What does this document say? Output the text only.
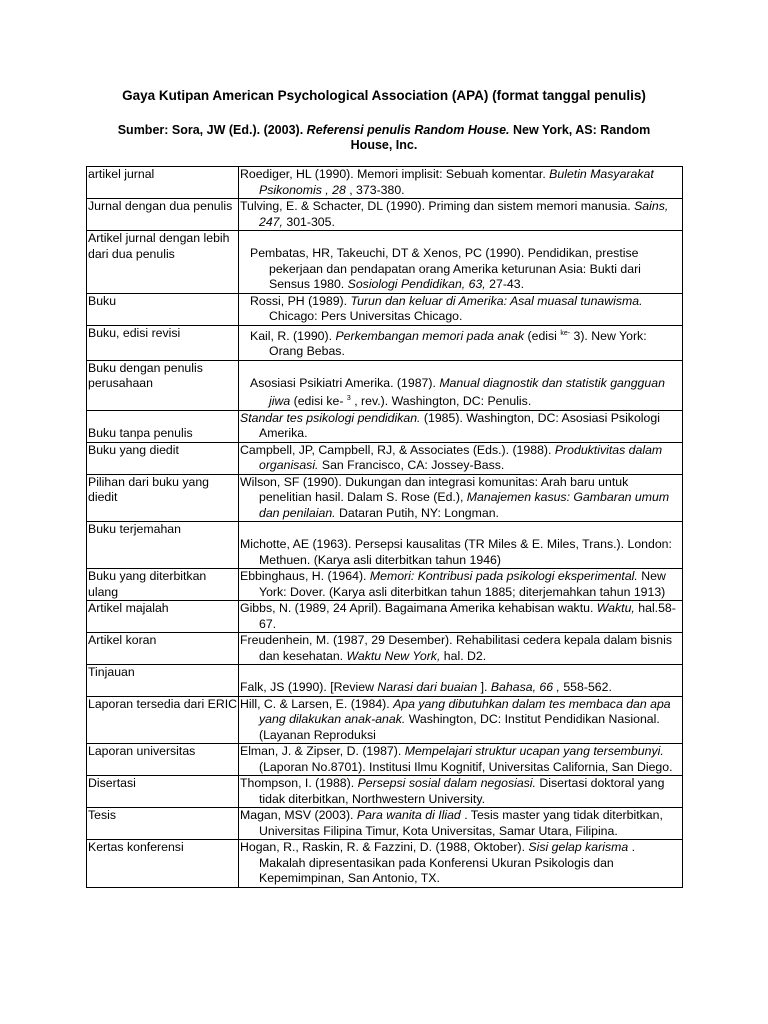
Gaya Kutipan American Psychological Association (APA) (format tanggal penulis)
Sumber: Sora, JW (Ed.). (2003). Referensi penulis Random House. New York, AS: Random House, Inc.
artikel jurnal	Roediger, HL (1990). Memori implisit: Sebuah komentar. Buletin Masyarakat Psikonomis , 28 , 373-380.

Jurnal dengan dua penulis	Tulving, E. & Schacter, DL (1990). Priming dan sistem memori manusia. Sains, 247, 301-305.

Artikel jurnal dengan lebih dari dua penulis	Pembatas, HR, Takeuchi, DT & Xenos, PC (1990). Pendidikan, prestise pekerjaan dan pendapatan orang Amerika keturunan Asia: Bukti dari Sensus 1980. Sosiologi Pendidikan, 63, 27-43.

Buku	Rossi, PH (1989). Turun dan keluar di Amerika: Asal muasal tunawisma. Chicago: Pers Universitas Chicago.

Buku, edisi revisi	Kail, R. (1990). Perkembangan memori pada anak (edisi $^{ke-}$ 3). New York: Orang Bebas.

Buku dengan penulis perusahaan	Asosiasi Psikiatri Amerika. (1987). Manual diagnostik dan statistik gangguan jiwa (edisi ke- $^3$ , rev.). Washington, DC: Penulis.

Buku tanpa penulis	Standar tes psikologi pendidikan. (1985). Washington, DC: Asosiasi Psikologi Amerika.

Buku yang diedit	Campbell, JP, Campbell, RJ, & Associates (Eds.). (1988). Produktivitas dalam organisasi. San Francisco, CA: Jossey-Bass.

Pilihan dari buku yang diedit	Wilson, SF (1990). Dukungan dan integrasi komunitas: Arah baru untuk penelitian hasil. Dalam S. Rose (Ed.), Manajemen kasus: Gambaran umum dan penilaian. Dataran Putih, NY: Longman.

Buku terjemahan	Michotte, AE (1963). Persepsi kausalitas (TR Miles & E. Miles, Trans.). London: Methuen. (Karya asli diterbitkan tahun 1946)

Buku yang diterbitkan ulang	Ebbinghaus, H. (1964). Memori: Kontribusi pada psikologi eksperimental. New York: Dover. (Karya asli diterbitkan tahun 1885; diterjemahkan tahun 1913)

Artikel majalah	Gibbs, N. (1989, 24 April). Bagaimana Amerika kehabisan waktu. Waktu, hal.58-67.

Artikel koran	Freudenhein, M. (1987, 29 Desember). Rehabilitasi cedera kepala dalam bisnis dan kesehatan. Waktu New York, hal. D2.

Tinjauan	Falk, JS (1990). [Review Narasi dari buaian ]. Bahasa, 66 , 558-562.

Laporan tersedia dari ERIC	Hill, C. & Larsen, E. (1984). Apa yang dibutuhkan dalam tes membaca dan apa yang dilakukan anak-anak. Washington, DC: Institut Pendidikan Nasional. (Layanan Reproduksi

Laporan universitas	Elman, J. & Zipser, D. (1987). Mempelajari struktur ucapan yang tersembunyi. (Laporan No.8701). Institusi Ilmu Kognitif, Universitas California, San Diego.

Disertasi	Thompson, I. (1988). Persepsi sosial dalam negosiasi. Disertasi doktoral yang tidak diterbitkan, Northwestern University.

Tesis	Magan, MSV (2003). Para wanita di Iliad . Tesis master yang tidak diterbitkan, Universitas Filipina Timur, Kota Universitas, Samar Utara, Filipina.

Kertas konferensi	Hogan, R., Raskin, R. & Fazzini, D. (1988, Oktober). Sisi gelap karisma . Makalah dipresentasikan pada Konferensi Ukuran Psikologis dan Kepemimpinan, San Antonio, TX.
